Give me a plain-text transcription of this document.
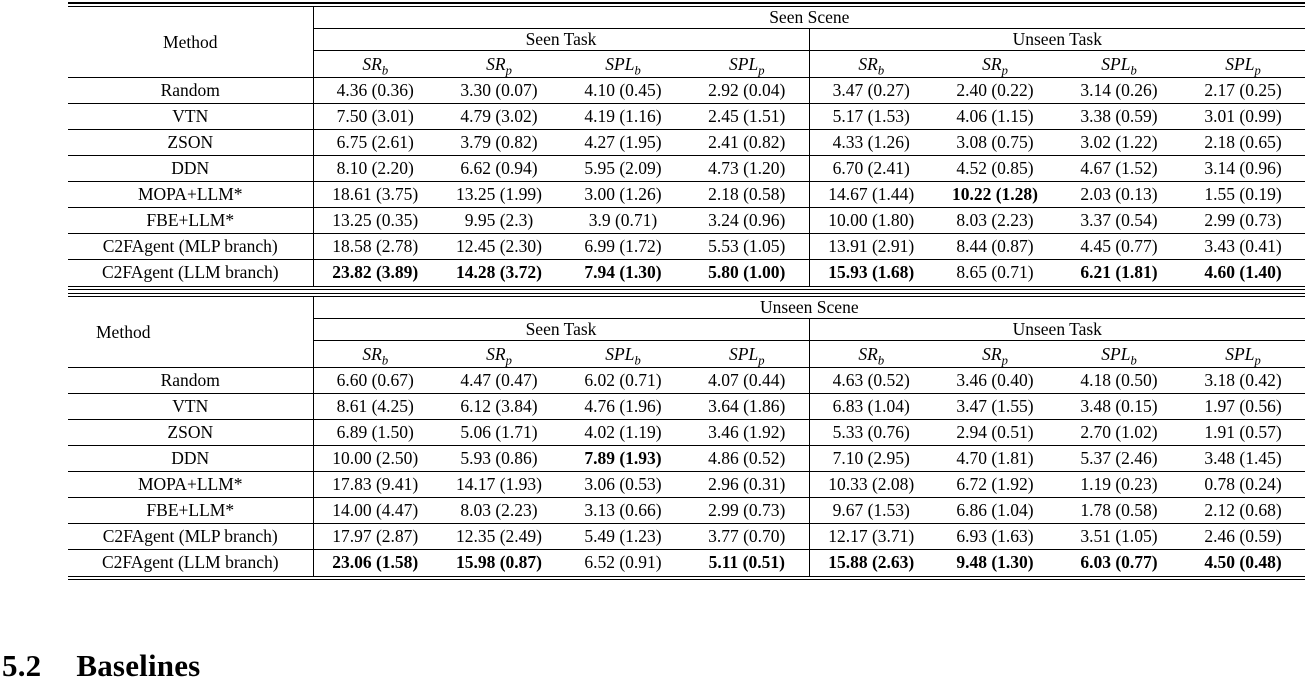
Method	Seen Scene							
	Seen Task				Unseen Task			
	$SR_b$	$SR_p$	$SPL_b$	$SPL_p$	$SR_b$	$SR_p$	$SPL_b$	$SPL_p$
Random	4.36 (0.36)	3.30 (0.07)	4.10 (0.45)	2.92 (0.04)	3.47 (0.27)	2.40 (0.22)	3.14 (0.26)	2.17 (0.25)
VTN	7.50 (3.01)	4.79 (3.02)	4.19 (1.16)	2.45 (1.51)	5.17 (1.53)	4.06 (1.15)	3.38 (0.59)	3.01 (0.99)
ZSON	6.75 (2.61)	3.79 (0.82)	4.27 (1.95)	2.41 (0.82)	4.33 (1.26)	3.08 (0.75)	3.02 (1.22)	2.18 (0.65)
DDN	8.10 (2.20)	6.62 (0.94)	5.95 (2.09)	4.73 (1.20)	6.70 (2.41)	4.52 (0.85)	4.67 (1.52)	3.14 (0.96)
MOPA+LLM*	18.61 (3.75)	13.25 (1.99)	3.00 (1.26)	2.18 (0.58)	14.67 (1.44)	10.22 (1.28)	2.03 (0.13)	1.55 (0.19)
FBE+LLM*	13.25 (0.35)	9.95 (2.3)	3.9 (0.71)	3.24 (0.96)	10.00 (1.80)	8.03 (2.23)	3.37 (0.54)	2.99 (0.73)
C2FAgent (MLP branch)	18.58 (2.78)	12.45 (2.30)	6.99 (1.72)	5.53 (1.05)	13.91 (2.91)	8.44 (0.87)	4.45 (0.77)	3.43 (0.41)
C2FAgent (LLM branch)	23.82 (3.89)	14.28 (3.72)	7.94 (1.30)	5.80 (1.00)	15.93 (1.68)	8.65 (0.71)	6.21 (1.81)	4.60 (1.40)
Method	Unseen Scene							
	Seen Task				Unseen Task			
	$SR_b$	$SR_p$	$SPL_b$	$SPL_p$	$SR_b$	$SR_p$	$SPL_b$	$SPL_p$
Random	6.60 (0.67)	4.47 (0.47)	6.02 (0.71)	4.07 (0.44)	4.63 (0.52)	3.46 (0.40)	4.18 (0.50)	3.18 (0.42)
VTN	8.61 (4.25)	6.12 (3.84)	4.76 (1.96)	3.64 (1.86)	6.83 (1.04)	3.47 (1.55)	3.48 (0.15)	1.97 (0.56)
ZSON	6.89 (1.50)	5.06 (1.71)	4.02 (1.19)	3.46 (1.92)	5.33 (0.76)	2.94 (0.51)	2.70 (1.02)	1.91 (0.57)
DDN	10.00 (2.50)	5.93 (0.86)	7.89 (1.93)	4.86 (0.52)	7.10 (2.95)	4.70 (1.81)	5.37 (2.46)	3.48 (1.45)
MOPA+LLM*	17.83 (9.41)	14.17 (1.93)	3.06 (0.53)	2.96 (0.31)	10.33 (2.08)	6.72 (1.92)	1.19 (0.23)	0.78 (0.24)
FBE+LLM*	14.00 (4.47)	8.03 (2.23)	3.13 (0.66)	2.99 (0.73)	9.67 (1.53)	6.86 (1.04)	1.78 (0.58)	2.12 (0.68)
C2FAgent (MLP branch)	17.97 (2.87)	12.35 (2.49)	5.49 (1.23)	3.77 (0.70)	12.17 (3.71)	6.93 (1.63)	3.51 (1.05)	2.46 (0.59)
C2FAgent (LLM branch)	23.06 (1.58)	15.98 (0.87)	6.52 (0.91)	5.11 (0.51)	15.88 (2.63)	9.48 (1.30)	6.03 (0.77)	4.50 (0.48)
5.2 Baselines
